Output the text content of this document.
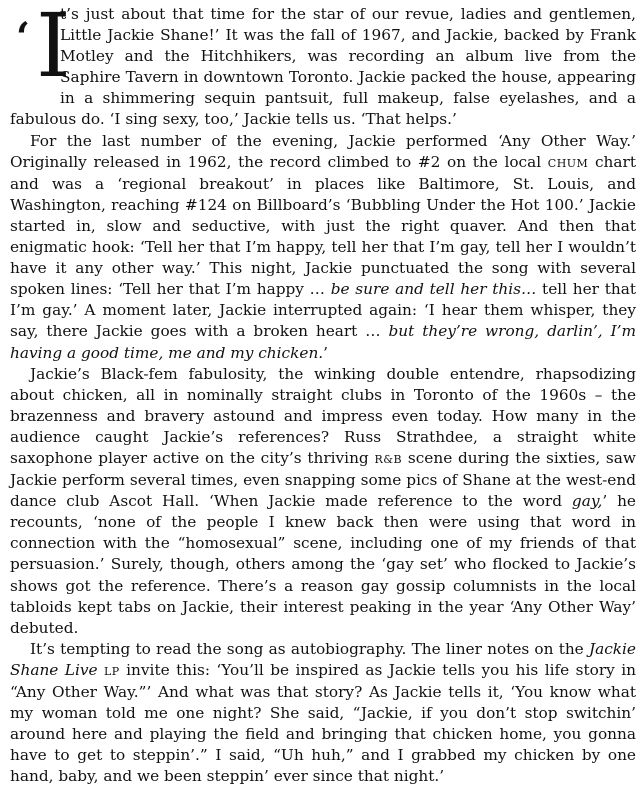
‘ I
t’s just about that time for the star of our revue, ladies and gentlemen, Little Jackie Shane!’ It was the fall of 1967, and Jackie, backed by Frank Motley and the Hitchhikers, was recording an album live from the Saphire Tavern in downtown Toronto. Jackie packed the house, appearing in a shimmering sequin pantsuit, full makeup, false eyelashes, and a fabulous do. ‘I sing sexy, too,’ Jackie tells us. ‘That helps.’

For the last number of the evening, Jackie performed ‘Any Other Way.’ Originally released in 1962, the record climbed to #2 on the local CHUM chart and was a ‘regional breakout’ in places like Baltimore, St. Louis, and Washington, reaching #124 on Billboard’s ‘Bubbling Under the Hot 100.’ Jackie started in, slow and seductive, with just the right quaver. And then that enigmatic hook: ‘Tell her that I’m happy, tell her that I’m gay, tell her I wouldn’t have it any other way.’ This night, Jackie punctuated the song with several spoken lines: ‘Tell her that I’m happy … be sure and tell her this… tell her that I’m gay.’ A moment later, Jackie interrupted again: ‘I hear them whisper, they say, there Jackie goes with a broken heart … but they’re wrong, darlin’, I’m having a good time, me and my chicken.’

Jackie’s Black-fem fabulosity, the winking double entendre, rhapsodizing about chicken, all in nominally straight clubs in Toronto of the 1960s – the brazenness and bravery astound and impress even today. How many in the audience caught Jackie’s references? Russ Strathdee, a straight white saxophone player active on the city’s thriving R&B scene during the sixties, saw Jackie perform several times, even snapping some pics of Shane at the west-end dance club Ascot Hall. ‘When Jackie made reference to the word gay,’ he recounts, ‘none of the people I knew back then were using that word in connection with the “homosexual” scene, including one of my friends of that persuasion.’ Surely, though, others among the ‘gay set’ who flocked to Jackie’s shows got the reference. There’s a reason gay gossip columnists in the local tabloids kept tabs on Jackie, their interest peaking in the year ‘Any Other Way’ debuted.

It’s tempting to read the song as autobiography. The liner notes on the Jackie Shane Live LP invite this: ‘You’ll be inspired as Jackie tells you his life story in “Any Other Way.”’ And what was that story? As Jackie tells it, ‘You know what my woman told me one night? She said, “Jackie, if you don’t stop switchin’ around here and playing the field and bringing that chicken home, you gonna have to get to steppin’.” I said, “Uh huh,” and I grabbed my chicken by one hand, baby, and we been steppin’ ever since that night.’
